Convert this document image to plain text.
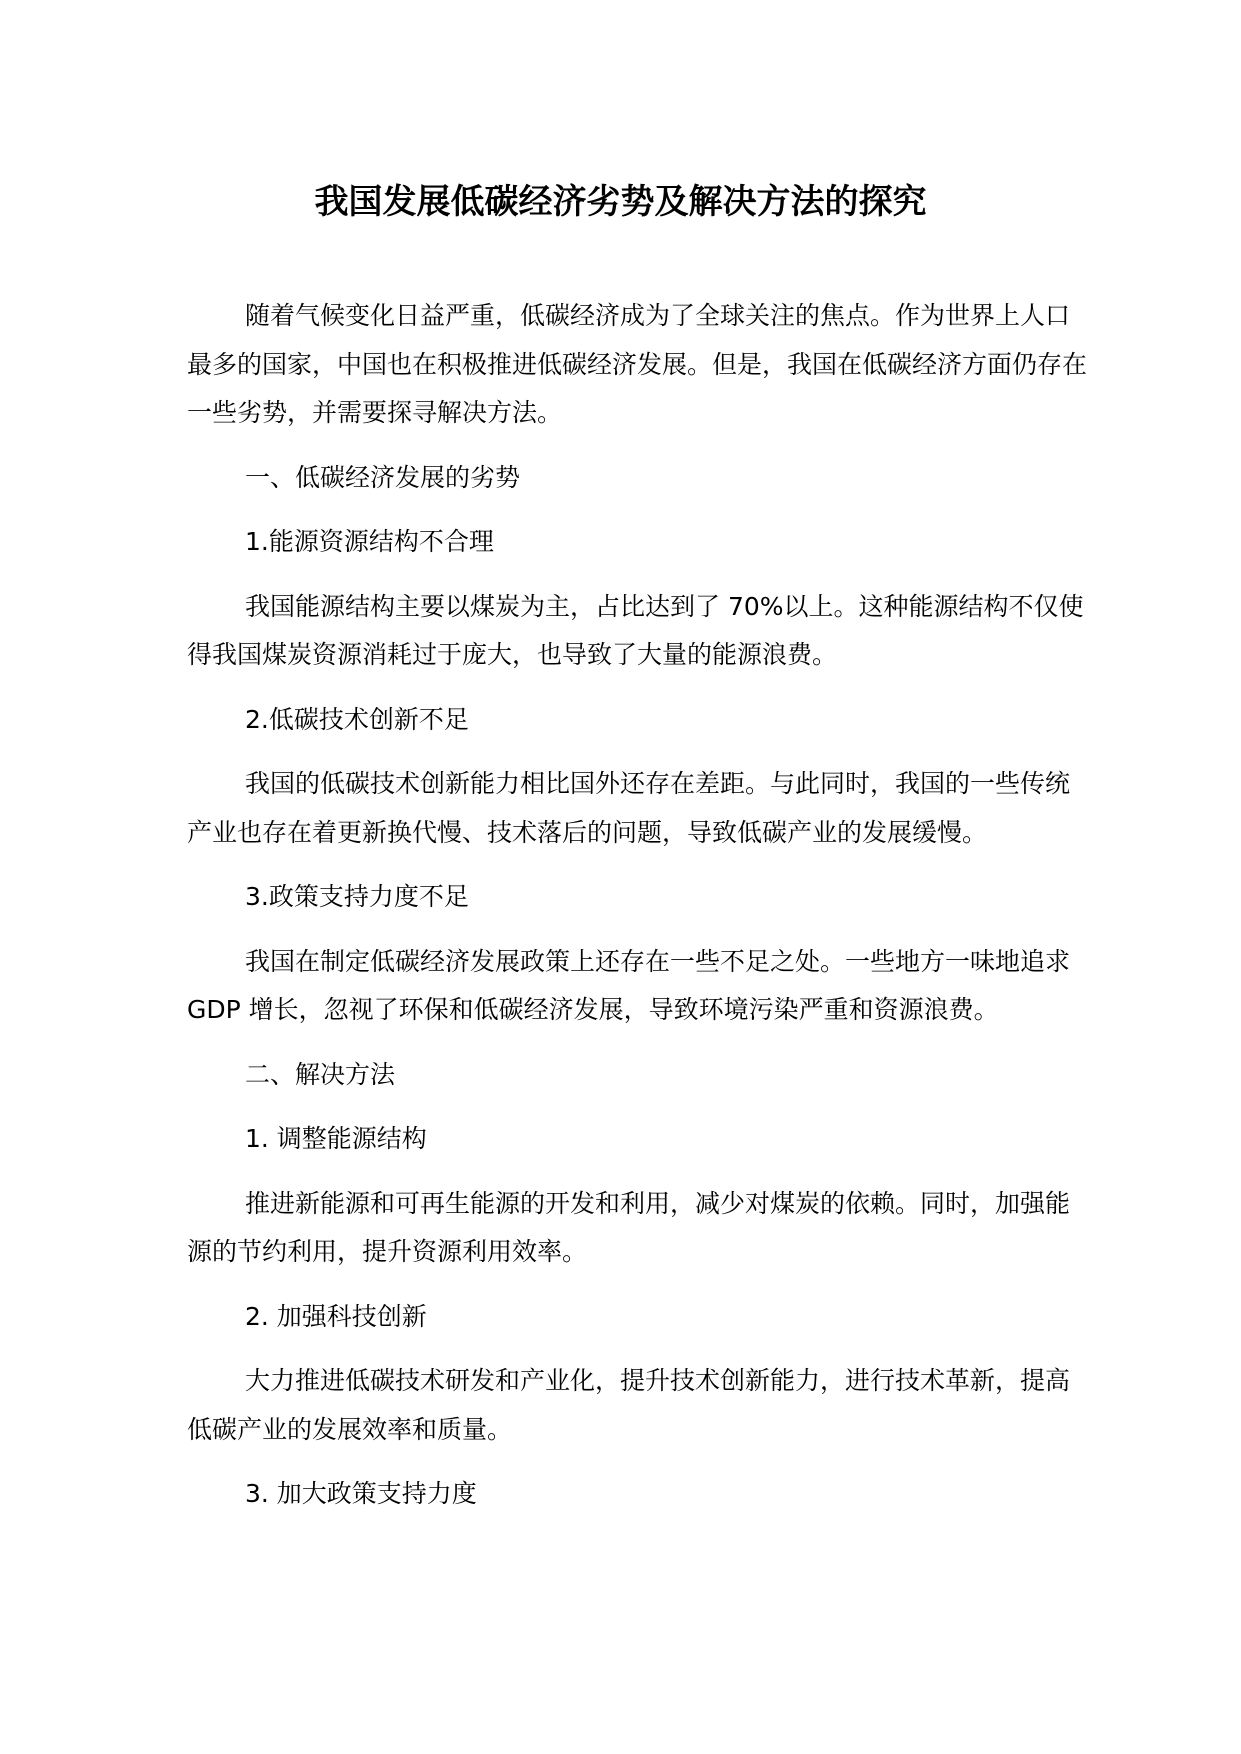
我国发展低碳经济劣势及解决方法的探究

随着气候变化日益严重，低碳经济成为了全球关注的焦点。作为世界上人口最多的国家，中国也在积极推进低碳经济发展。但是，我国在低碳经济方面仍存在一些劣势，并需要探寻解决方法。

一、低碳经济发展的劣势

1.能源资源结构不合理

我国能源结构主要以煤炭为主，占比达到了 70%以上。这种能源结构不仅使得我国煤炭资源消耗过于庞大，也导致了大量的能源浪费。

2.低碳技术创新不足

我国的低碳技术创新能力相比国外还存在差距。与此同时，我国的一些传统产业也存在着更新换代慢、技术落后的问题，导致低碳产业的发展缓慢。

3.政策支持力度不足

我国在制定低碳经济发展政策上还存在一些不足之处。一些地方一味地追求 GDP 增长，忽视了环保和低碳经济发展，导致环境污染严重和资源浪费。

二、解决方法

1. 调整能源结构

推进新能源和可再生能源的开发和利用，减少对煤炭的依赖。同时，加强能源的节约利用，提升资源利用效率。

2. 加强科技创新

大力推进低碳技术研发和产业化，提升技术创新能力，进行技术革新，提高低碳产业的发展效率和质量。

3. 加大政策支持力度
